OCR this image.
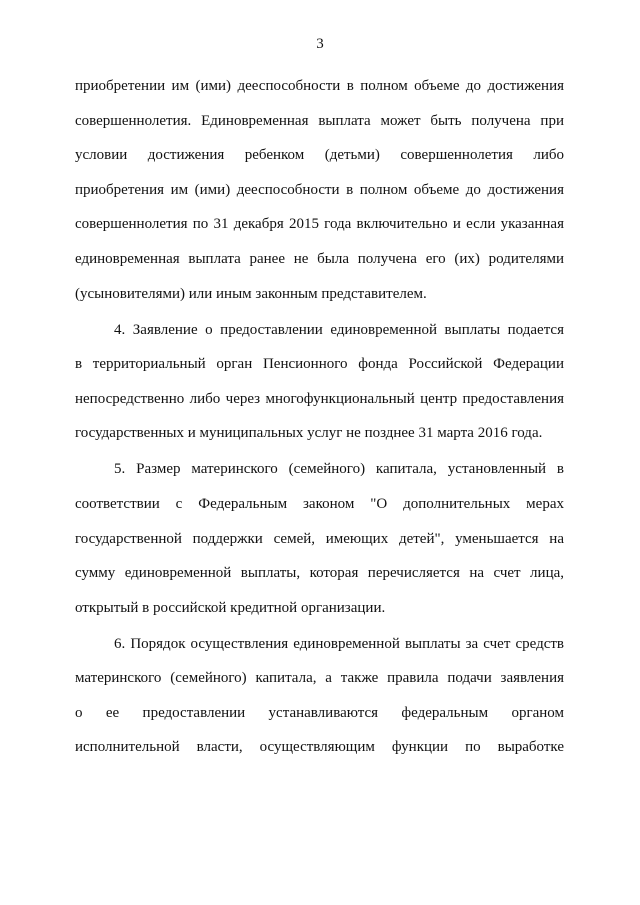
3
приобретении им (ими) дееспособности в полном объеме до достижения
совершеннолетия. Единовременная выплата может быть получена при
условии достижения ребенком (детьми) совершеннолетия либо
приобретения им (ими) дееспособности в полном объеме до достижения
совершеннолетия по 31 декабря 2015 года включительно и если указанная
единовременная выплата ранее не была получена его (их) родителями
(усыновителями) или иным законным представителем.
4. Заявление о предоставлении единовременной выплаты подается
в территориальный орган Пенсионного фонда Российской Федерации
непосредственно либо через многофункциональный центр предоставления
государственных и муниципальных услуг не позднее 31 марта 2016 года.
5. Размер материнского (семейного) капитала, установленный в
соответствии с Федеральным законом "О дополнительных мерах
государственной поддержки семей, имеющих детей", уменьшается на
сумму единовременной выплаты, которая перечисляется на счет лица,
открытый в российской кредитной организации.
6. Порядок осуществления единовременной выплаты за счет средств
материнского (семейного) капитала, а также правила подачи заявления
о ее предоставлении устанавливаются федеральным органом
исполнительной власти, осуществляющим функции по выработке
